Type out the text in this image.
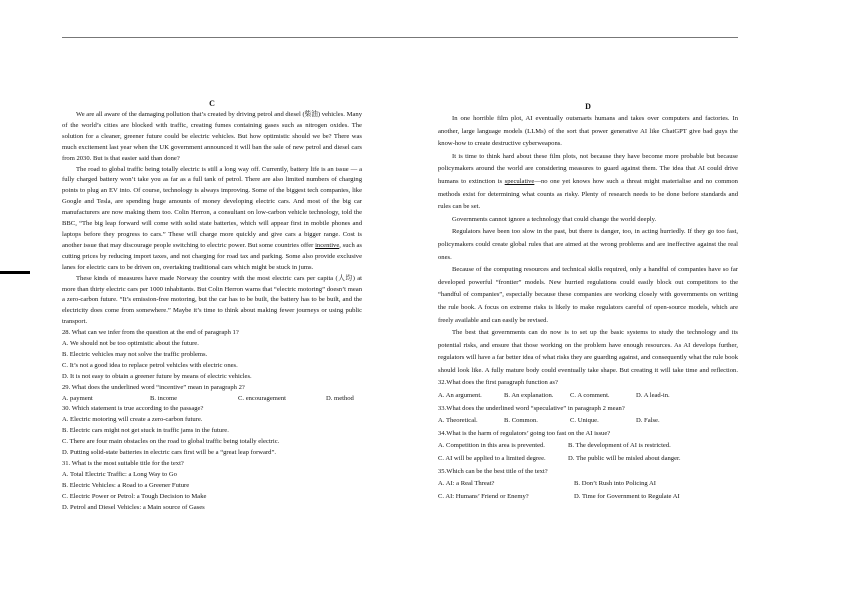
C

We are all aware of the damaging pollution that’s created by driving petrol and diesel (柴油) vehicles. Many of the world’s cities are blocked with traffic, creating fumes containing gases such as nitrogen oxides. The solution for a cleaner, greener future could be electric vehicles. But how optimistic should we be? There was much excitement last year when the UK government announced it will ban the sale of new petrol and diesel cars from 2030. But is that easier said than done?

The road to global traffic being totally electric is still a long way off. Currently, battery life is an issue — a fully charged battery won’t take you as far as a full tank of petrol. There are also limited numbers of charging points to plug an EV into. Of course, technology is always improving. Some of the biggest tech companies, like Google and Tesla, are spending huge amounts of money developing electric cars. And most of the big car manufacturers are now making them too. Colin Herron, a consultant on low-carbon vehicle technology, told the BBC, “The big leap forward will come with solid state batteries, which will appear first in mobile phones and laptops before they progress to cars.” These will charge more quickly and give cars a bigger range. Cost is another issue that may discourage people switching to electric power. But some countries offer incentive, such as cutting prices by reducing import taxes, and not charging for road tax and parking. Some also provide exclusive lanes for electric cars to be driven on, overtaking traditional cars which might be stuck in jums.

These kinds of measures have made Norway the country with the most electric cars per capita (人均) at more than thirty electric cars per 1000 inhabitants. But Colin Herron warns that “electric motoring” doesn’t mean a zero-carbon future. “It’s emission-free motoring, but the car has to be built, the battery has to be built, and the electricity does come from somewhere.” Maybe it’s time to think about making fewer journeys or using public transport.

28. What can we infer from the question at the end of paragraph 1?

A. We should not be too optimistic about the future.

B. Electric vehicles may not solve the traffic problems.

C. It’s not a good idea to replace petrol vehicles with electric ones.

D. It is not easy to obtain a greener future by means of electric vehicles.

29. What does the underlined word “incentive” mean in paragraph 2?

A. payment	B. income	C. encouragement	D. method

30. Which statement is true according to the passage?

A. Electric motoring will create a zero-carbon future.

B. Electric cars might not get stuck in traffic jams in the future.

C. There are four main obstacles on the road to global traffic being totally electric.

D. Putting solid-state batteries in electric cars first will be a “great leap forward”.

31. What is the most suitable title for the text?

A. Total Electric Traffic: a Long Way to Go

B. Electric Vehicles: a Road to a Greener Future

C. Electric Power or Petrol: a Tough Decision to Make

D. Petrol and Diesel Vehicles: a Main source of Gases

D

In one horrible film plot, AI eventually outsmarts humans and takes over computers and factories. In another, large language models (LLMs) of the sort that power generative AI like ChatGPT give bad guys the know-how to create destructive cyberweapons.

It is time to think hard about these film plots, not because they have become more probable but because policymakers around the world are considering measures to guard against them. The idea that AI could drive humans to extinction is speculative—no one yet knows how such a threat might materialise and no common methods exist for determining what counts as risky. Plenty of research needs to be done before standards and rules can be set.

Governments cannot ignore a technology that could change the world deeply.

Regulators have been too slow in the past, but there is danger, too, in acting hurriedly. If they go too fast, policymakers could create global rules that are aimed at the wrong problems and are ineffective against the real ones.

Because of the computing resources and technical skills required, only a handful of companies have so far developed powerful “frontier” models. New hurried regulations could easily block out competitors to the “handful of companies”, especially because these companies are working closely with governments on writing the rule book. A focus on extreme risks is likely to make regulators careful of open-source models, which are freely available and can easily be revised.

The best that governments can do now is to set up the basic systems to study the technology and its potential risks, and ensure that those working on the problem have enough resources. As AI develops further, regulators will have a far better idea of what risks they are guarding against, and consequently what the rule book should look like. A fully mature body could eventually take shape. But creating it will take time and reflection. 32.What does the first paragraph function as?

A. An argument.	B. An explanation.	C. A comment.	D. A lead-in.

33.What does the underlined word “speculative” in paragraph 2 mean?

A. Theoretical.	B. Common.	C. Unique.	D. False.

34.What is the harm of regulators’ going too fast on the AI issue?

A. Competition in this area is prevented.	B. The development of AI is restricted.
C. AI will be applied to a limited degree.	D. The public will be misled about danger.

35.Which can be the best title of the text?

A. AI: a Real Threat?	B. Don’t Rush into Policing AI
C. AI: Humans’ Friend or Enemy?	D. Time for Government to Regulate AI
